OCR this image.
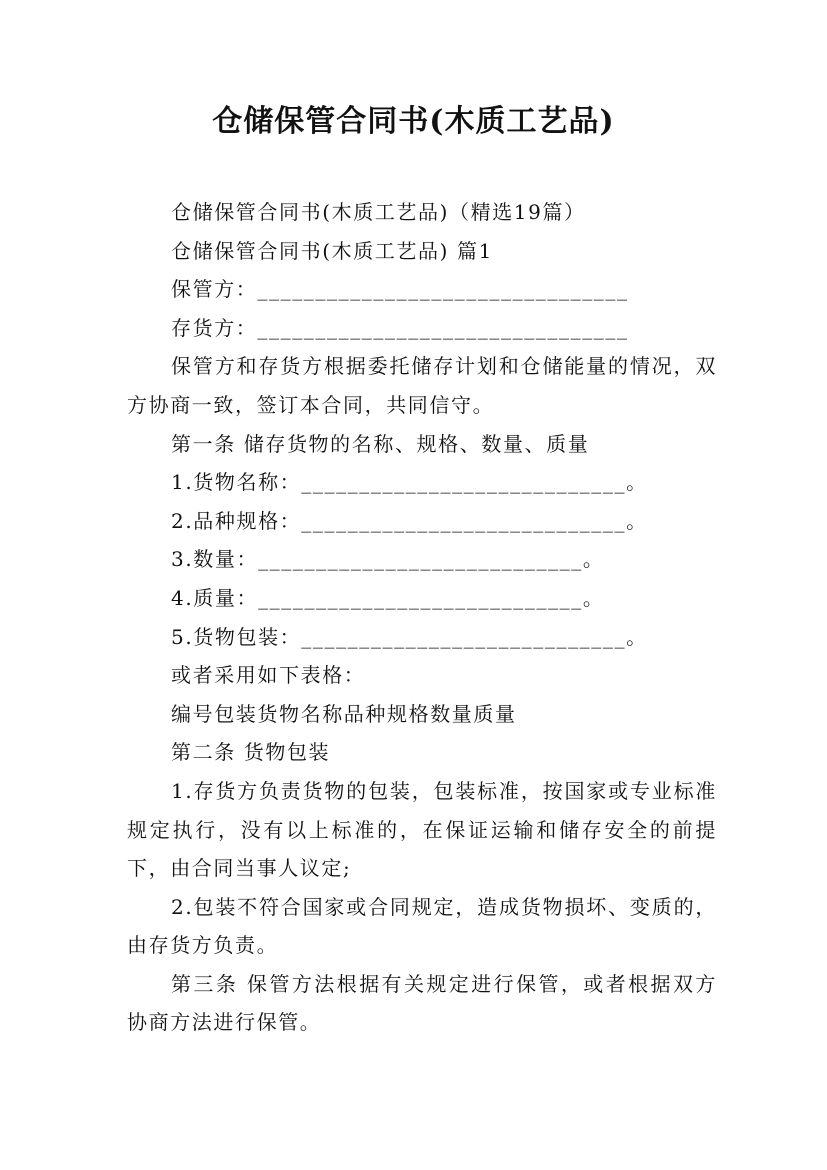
仓储保管合同书(木质工艺品)

仓储保管合同书(木质工艺品)（精选19篇）

仓储保管合同书(木质工艺品) 篇1

保管方：________________________________

存货方：________________________________

保管方和存货方根据委托储存计划和仓储能量的情况，双方协商一致，签订本合同，共同信守。

第一条 储存货物的名称、规格、数量、质量

1.货物名称：____________________________。

2.品种规格：____________________________。

3.数量：____________________________。

4.质量：____________________________。

5.货物包装：____________________________。

或者采用如下表格：

编号包装货物名称品种规格数量质量

第二条 货物包装

1.存货方负责货物的包装，包装标准，按国家或专业标准规定执行，没有以上标准的，在保证运输和储存安全的前提下，由合同当事人议定;

2.包装不符合国家或合同规定，造成货物损坏、变质的，由存货方负责。

第三条 保管方法根据有关规定进行保管，或者根据双方协商方法进行保管。
